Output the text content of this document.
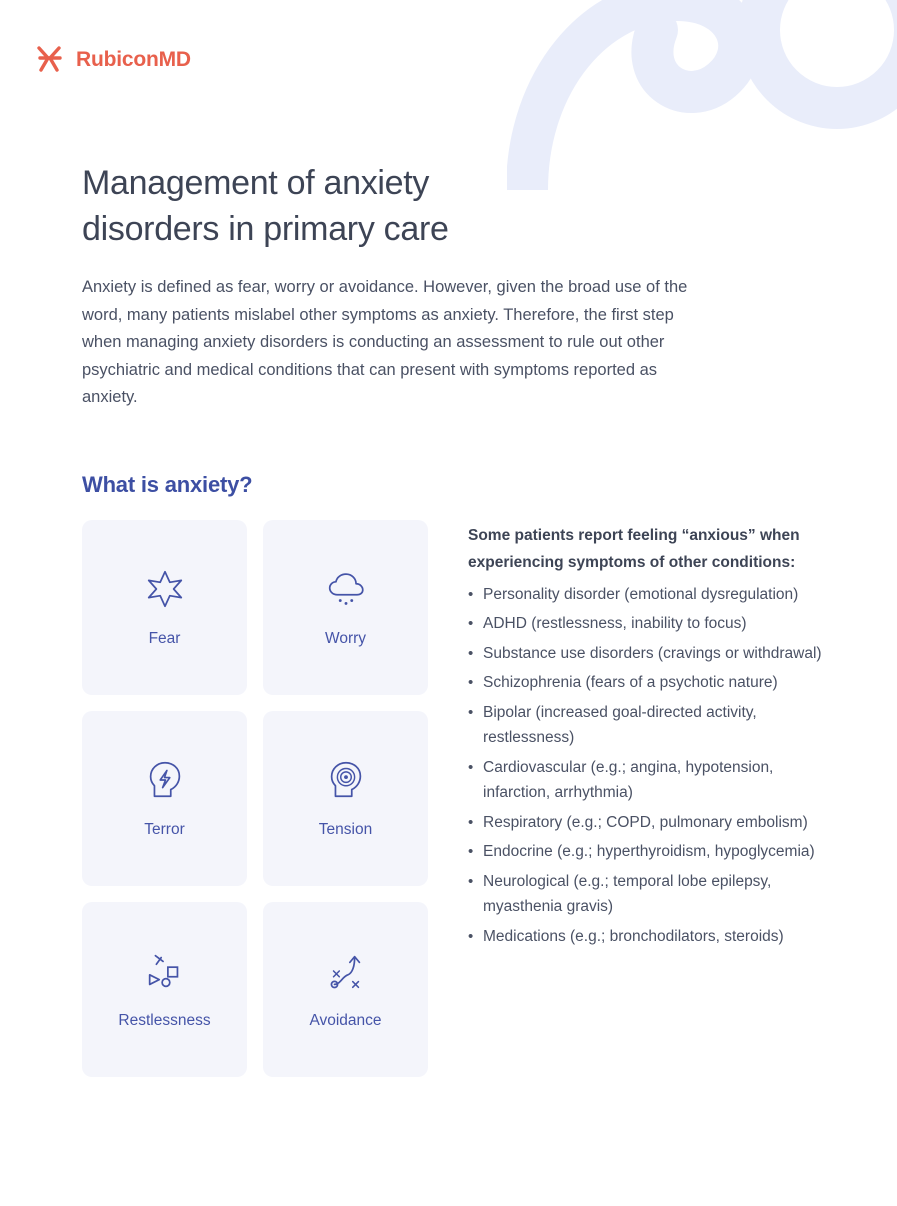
RubiconMD
Management of anxiety disorders in primary care

Anxiety is defined as fear, worry or avoidance. However, given the broad use of the word, many patients mislabel other symptoms as anxiety. Therefore, the first step when managing anxiety disorders is conducting an assessment to rule out other psychiatric and medical conditions that can present with symptoms reported as anxiety.

What is anxiety?
Fear	Worry
Terror	Tension
Restlessness	Avoidance

Some patients report feeling “anxious” when experiencing symptoms of other conditions:

• Personality disorder (emotional dysregulation)
• ADHD (restlessness, inability to focus)
• Substance use disorders (cravings or withdrawal)
• Schizophrenia (fears of a psychotic nature)
• Bipolar (increased goal-directed activity, restlessness)
• Cardiovascular (e.g.; angina, hypotension, infarction, arrhythmia)
• Respiratory (e.g.; COPD, pulmonary embolism)
• Endocrine (e.g.; hyperthyroidism, hypoglycemia)
• Neurological (e.g.; temporal lobe epilepsy, myasthenia gravis)
• Medications (e.g.; bronchodilators, steroids)
